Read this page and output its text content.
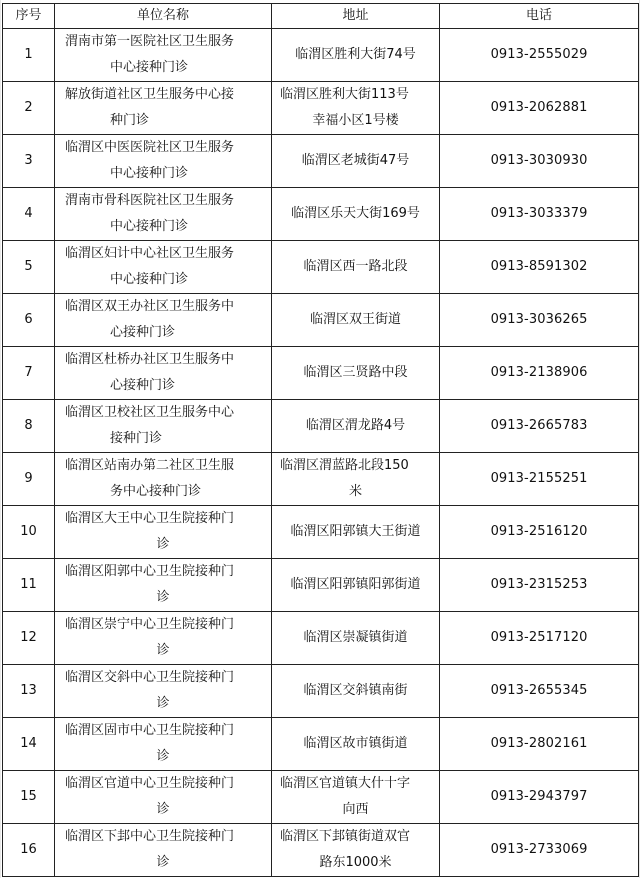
序号	单位名称	地址	电话
1	渭南市第一医院社区卫生服务
中心接种门诊	临渭区胜利大街74号	0913-2555029
2	解放街道社区卫生服务中心接
种门诊	临渭区胜利大街113号
幸福小区1号楼	0913-2062881
3	临渭区中医医院社区卫生服务
中心接种门诊	临渭区老城街47号	0913-3030930
4	渭南市骨科医院社区卫生服务
中心接种门诊	临渭区乐天大街169号	0913-3033379
5	临渭区妇计中心社区卫生服务
中心接种门诊	临渭区西一路北段	0913-8591302
6	临渭区双王办社区卫生服务中
心接种门诊	临渭区双王街道	0913-3036265
7	临渭区杜桥办社区卫生服务中
心接种门诊	临渭区三贤路中段	0913-2138906
8	临渭区卫校社区卫生服务中心
接种门诊	临渭区渭龙路4号	0913-2665783
9	临渭区站南办第二社区卫生服
务中心接种门诊	临渭区渭蓝路北段150
米	0913-2155251
10	临渭区大王中心卫生院接种门
诊	临渭区阳郭镇大王街道	0913-2516120
11	临渭区阳郭中心卫生院接种门
诊	临渭区阳郭镇阳郭街道	0913-2315253
12	临渭区崇宁中心卫生院接种门
诊	临渭区崇凝镇街道	0913-2517120
13	临渭区交斜中心卫生院接种门
诊	临渭区交斜镇南街	0913-2655345
14	临渭区固市中心卫生院接种门
诊	临渭区故市镇街道	0913-2802161
15	临渭区官道中心卫生院接种门
诊	临渭区官道镇大什十字
向西	0913-2943797
16	临渭区下邽中心卫生院接种门
诊	临渭区下邽镇街道双官
路东1000米	0913-2733069
